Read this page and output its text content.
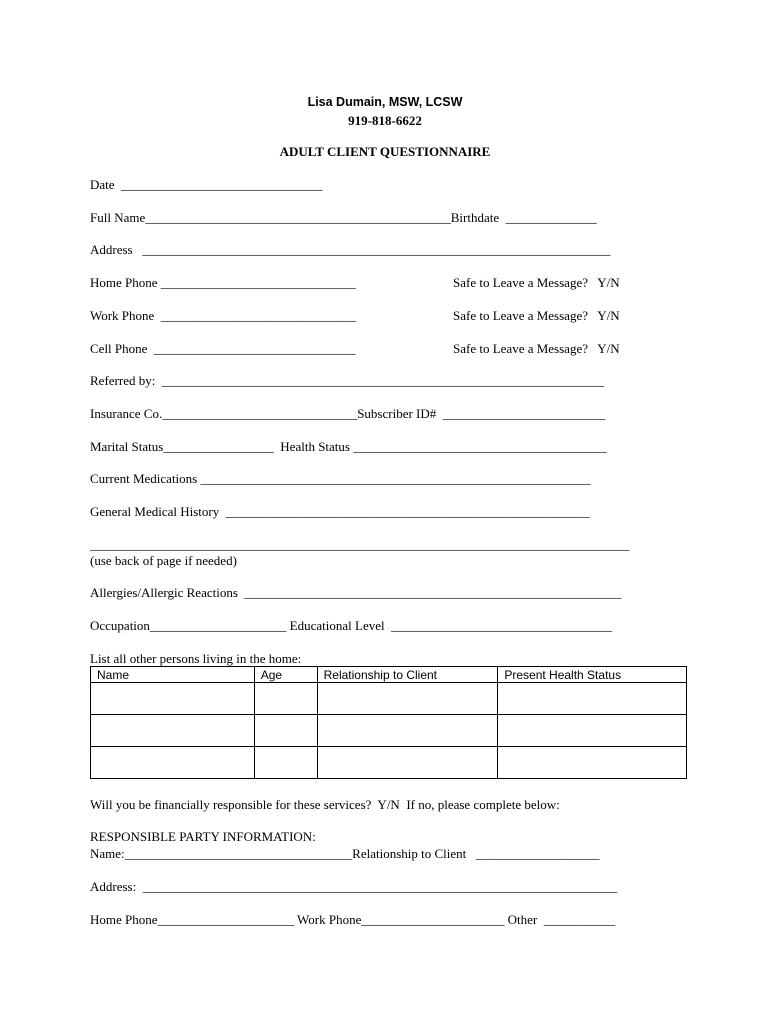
Lisa Dumain, MSW, LCSW
919-818-6622
ADULT CLIENT QUESTIONNAIRE
Date  _______________________________
Full Name_______________________________________________Birthdate  ______________
Address   ________________________________________________________________________
Home Phone ______________________________	Safe to Leave a Message?   Y/N
Work Phone  ______________________________	Safe to Leave a Message?   Y/N
Cell Phone  _______________________________	Safe to Leave a Message?   Y/N
Referred by:  ____________________________________________________________________
Insurance Co.______________________________Subscriber ID#  _________________________
Marital Status_________________  Health Status _______________________________________
Current Medications ____________________________________________________________
General Medical History  ________________________________________________________
___________________________________________________________________________________
(use back of page if needed)
Allergies/Allergic Reactions  __________________________________________________________
Occupation_____________________ Educational Level  __________________________________
List all other persons living in the home:
Name	Age	Relationship to Client	Present Health Status

Will you be financially responsible for these services?  Y/N  If no, please complete below:
RESPONSIBLE PARTY INFORMATION:
Name:___________________________________Relationship to Client   ___________________
Address:  _________________________________________________________________________
Home Phone_____________________ Work Phone______________________ Other  ___________
